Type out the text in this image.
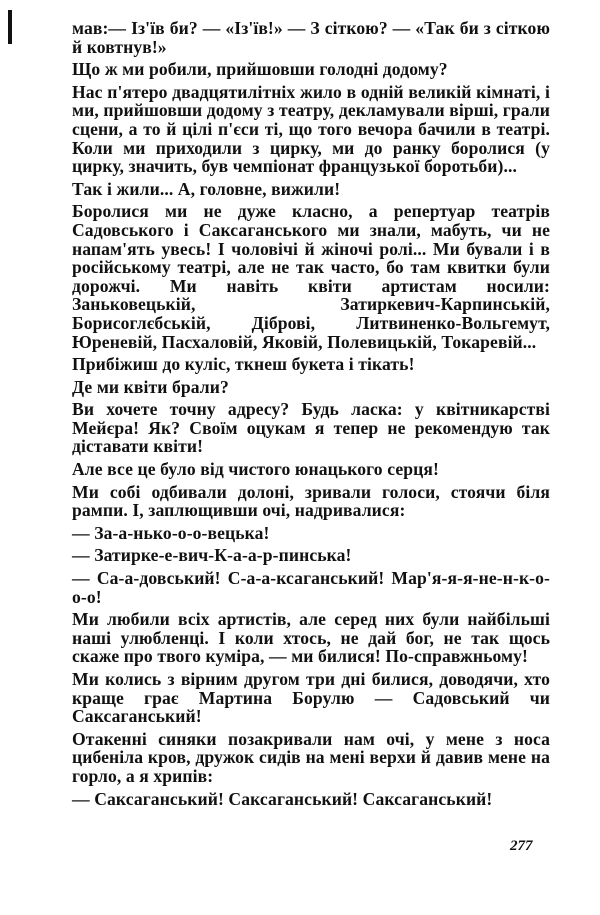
мав:— Із'їв би? — «Із'їв!» — З сіткою? — «Так би з сіткою й ковтнув!»

Що ж ми робили, прийшовши голодні додому?

Нас п'ятеро двадцятилітніх жило в одній великій кімнаті, і ми, прийшовши додому з театру, декламували вірші, грали сцени, а то й цілі п'єси ті, що того вечора бачили в театрі. Коли ми приходили з цирку, ми до ранку боролися (у цирку, значить, був чемпіонат французької боротьби)...

Так і жили... А, головне, вижили!

Боролися ми не дуже класно, а репертуар театрів Садовського і Саксаганського ми знали, мабуть, чи не напам'ять увесь! І чоловічі й жіночі ролі... Ми бували і в російському театрі, але не так часто, бо там квитки були дорожчі. Ми навіть квіти артистам носили: Заньковецькій, Затиркевич-Карпинській, Борисоглєбській, Діброві, Литвиненко-Вольгемут, Юреневій, Пасхаловій, Яковій, Полевицькій, Токаревій...

Прибіжиш до куліс, ткнеш букета і тікать!

Де ми квіти брали?

Ви хочете точну адресу? Будь ласка: у квітникарстві Мейєра! Як? Своїм оцукам я тепер не рекомендую так діставати квіти!

Але все це було від чистого юнацького серця!

Ми собі одбивали долоні, зривали голоси, стоячи біля рампи. І, заплющивши очі, надривалися:

— За-а-нько-о-о-вецька!

— Затирке-е-вич-К-а-а-р-пинська!

— Са-а-довський! С-а-а-ксаганський! Мар'я-я-я-не-н-к-о-о-о!

Ми любили всіх артистів, але серед них були найбільші наші улюбленці. І коли хтось, не дай бог, не так щось скаже про твого куміра, — ми билися! По-справжньому!

Ми колись з вірним другом три дні билися, доводячи, хто краще грає Мартина Борулю — Садовський чи Саксаганський!

Отакенні синяки позакривали нам очі, у мене з носа цибеніла кров, дружок сидів на мені верхи й давив мене на горло, а я хрипів:

— Саксаганський! Саксаганський! Саксаганський!

277
